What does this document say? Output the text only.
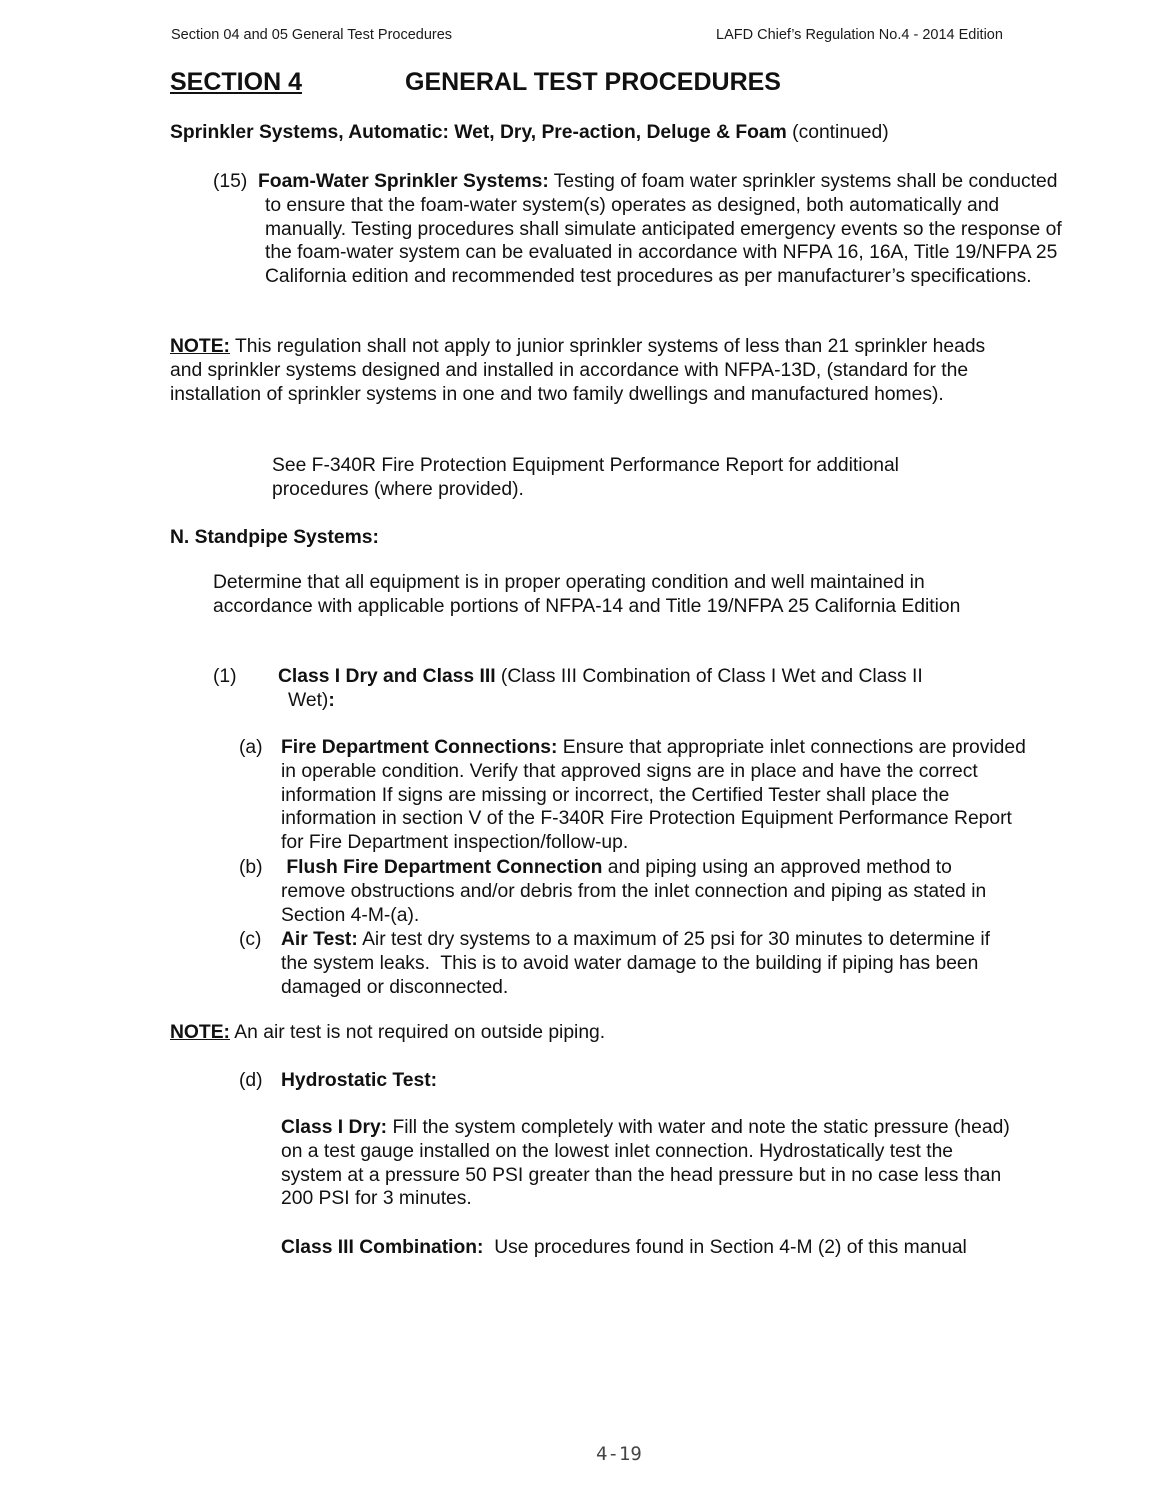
Section 04 and 05 General Test Procedures	LAFD Chief’s Regulation No.4 - 2014 Edition
SECTION 4	GENERAL TEST PROCEDURES
Sprinkler Systems, Automatic: Wet, Dry, Pre-action, Deluge & Foam (continued)
(15) Foam-Water Sprinkler Systems: Testing of foam water sprinkler systems shall be conducted to ensure that the foam-water system(s) operates as designed, both automatically and manually. Testing procedures shall simulate anticipated emergency events so the response of the foam-water system can be evaluated in accordance with NFPA 16, 16A, Title 19/NFPA 25 California edition and recommended test procedures as per manufacturer’s specifications.
NOTE: This regulation shall not apply to junior sprinkler systems of less than 21 sprinkler heads and sprinkler systems designed and installed in accordance with NFPA-13D, (standard for the installation of sprinkler systems in one and two family dwellings and manufactured homes).
See F-340R Fire Protection Equipment Performance Report for additional procedures (where provided).
N. Standpipe Systems:
Determine that all equipment is in proper operating condition and well maintained in accordance with applicable portions of NFPA-14 and Title 19/NFPA 25 California Edition
(1) Class I Dry and Class III (Class III Combination of Class I Wet and Class II
Wet):
(a) Fire Department Connections: Ensure that appropriate inlet connections are provided in operable condition. Verify that approved signs are in place and have the correct information If signs are missing or incorrect, the Certified Tester shall place the information in section V of the F-340R Fire Protection Equipment Performance Report for Fire Department inspection/follow-up.
(b) Flush Fire Department Connection and piping using an approved method to remove obstructions and/or debris from the inlet connection and piping as stated in Section 4-M-(a).
(c) Air Test: Air test dry systems to a maximum of 25 psi for 30 minutes to determine if the system leaks.  This is to avoid water damage to the building if piping has been damaged or disconnected.
NOTE: An air test is not required on outside piping.
(d) Hydrostatic Test:
Class I Dry: Fill the system completely with water and note the static pressure (head) on a test gauge installed on the lowest inlet connection. Hydrostatically test the system at a pressure 50 PSI greater than the head pressure but in no case less than 200 PSI for 3 minutes.
Class III Combination:  Use procedures found in Section 4-M (2) of this manual
4-19
